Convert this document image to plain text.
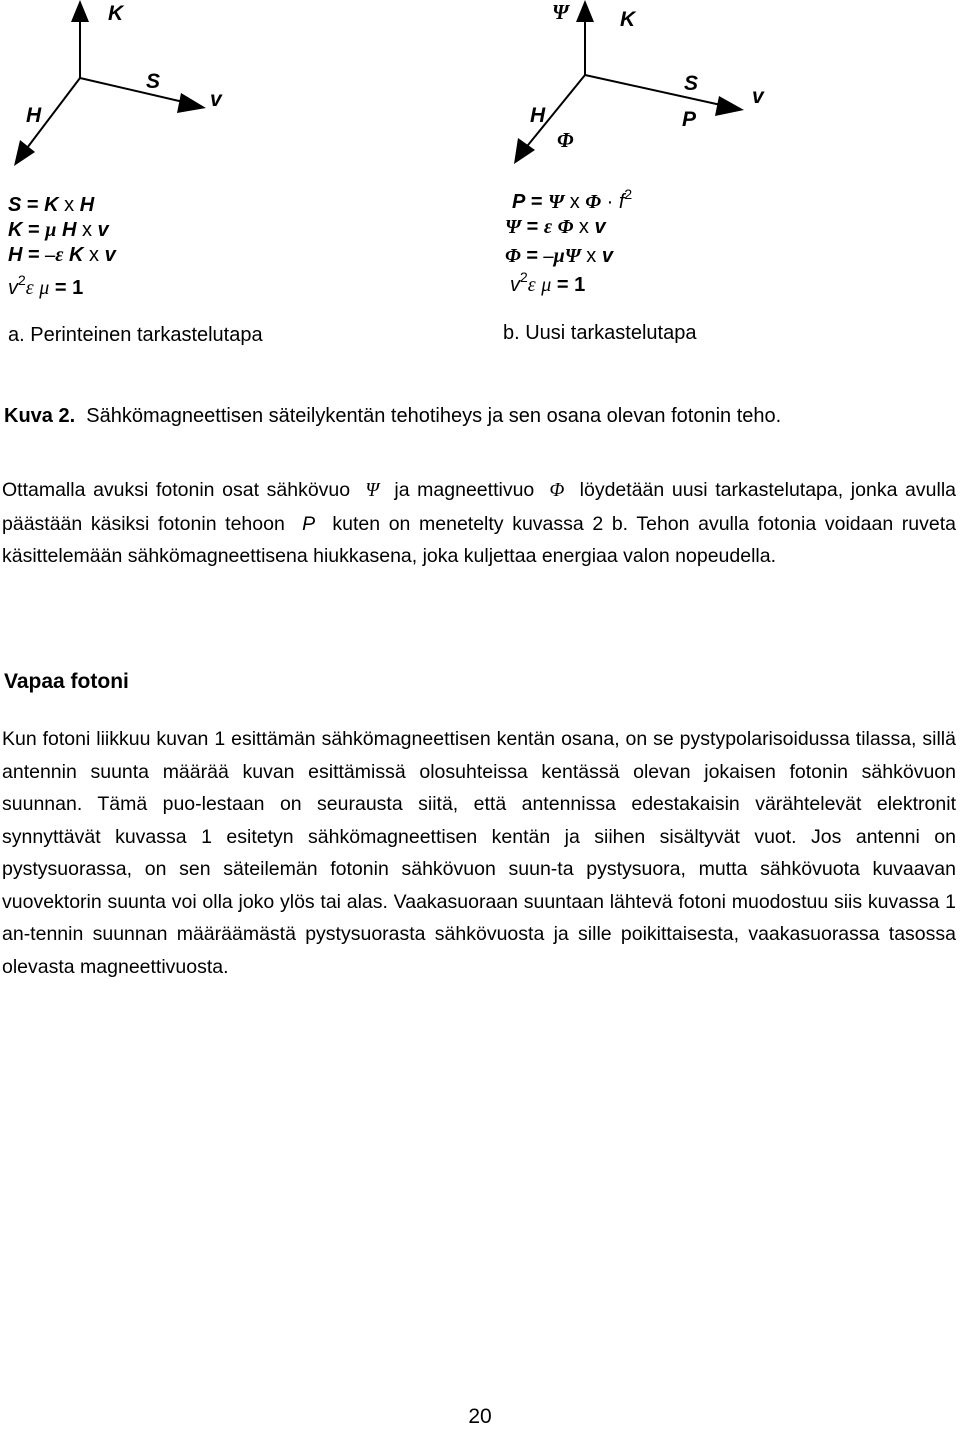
K
S
v
H
Ψ K
S
v
H
Φ
P
S = K x H
K = μ H x v
H = –ε K x v
$v^2\varepsilon$ μ = 1
P = Ψ x $\Phi \cdot f^2$
Ψ = ε Φ x v
Φ = –μΨ x v
$v^2\varepsilon$ μ = 1
a. Perinteinen tarkastelutapa	b. Uusi tarkastelutapa
Kuva 2. Sähkömagneettisen säteilykentän tehotiheys ja sen osana olevan fotonin teho.

Ottamalla avuksi fotonin osat sähkövuo Ψ ja magneettivuo Φ löydetään uusi tarkastelutapa, jonka avulla päästään käsiksi fotonin tehoon P kuten on menetelty kuvassa 2 b. Tehon avulla fotonia voidaan ruveta käsittelemään sähkömagneettisena hiukkasena, joka kuljettaa energiaa valon nopeudella.

Vapaa fotoni

Kun fotoni liikkuu kuvan 1 esittämän sähkömagneettisen kentän osana, on se pystypolarisoidussa tilassa, sillä antennin suunta määrää kuvan esittämissä olosuhteissa kentässä olevan jokaisen fotonin sähkövuon suunnan. Tämä puo-lestaan on seurausta siitä, että antennissa edestakaisin värähtelevät elektronit synnyttävät kuvassa 1 esitetyn sähkömagneettisen kentän ja siihen sisältyvät vuot. Jos antenni on pystysuorassa, on sen säteilemän fotonin sähkövuon suun-ta pystysuora, mutta sähkövuota kuvaavan vuovektorin suunta voi olla joko ylös tai alas. Vaakasuoraan suuntaan lähtevä fotoni muodostuu siis kuvassa 1 an-tennin suunnan määräämästä pystysuorasta sähkövuosta ja sille poikittaisesta, vaakasuorassa tasossa olevasta magneettivuosta.

20
